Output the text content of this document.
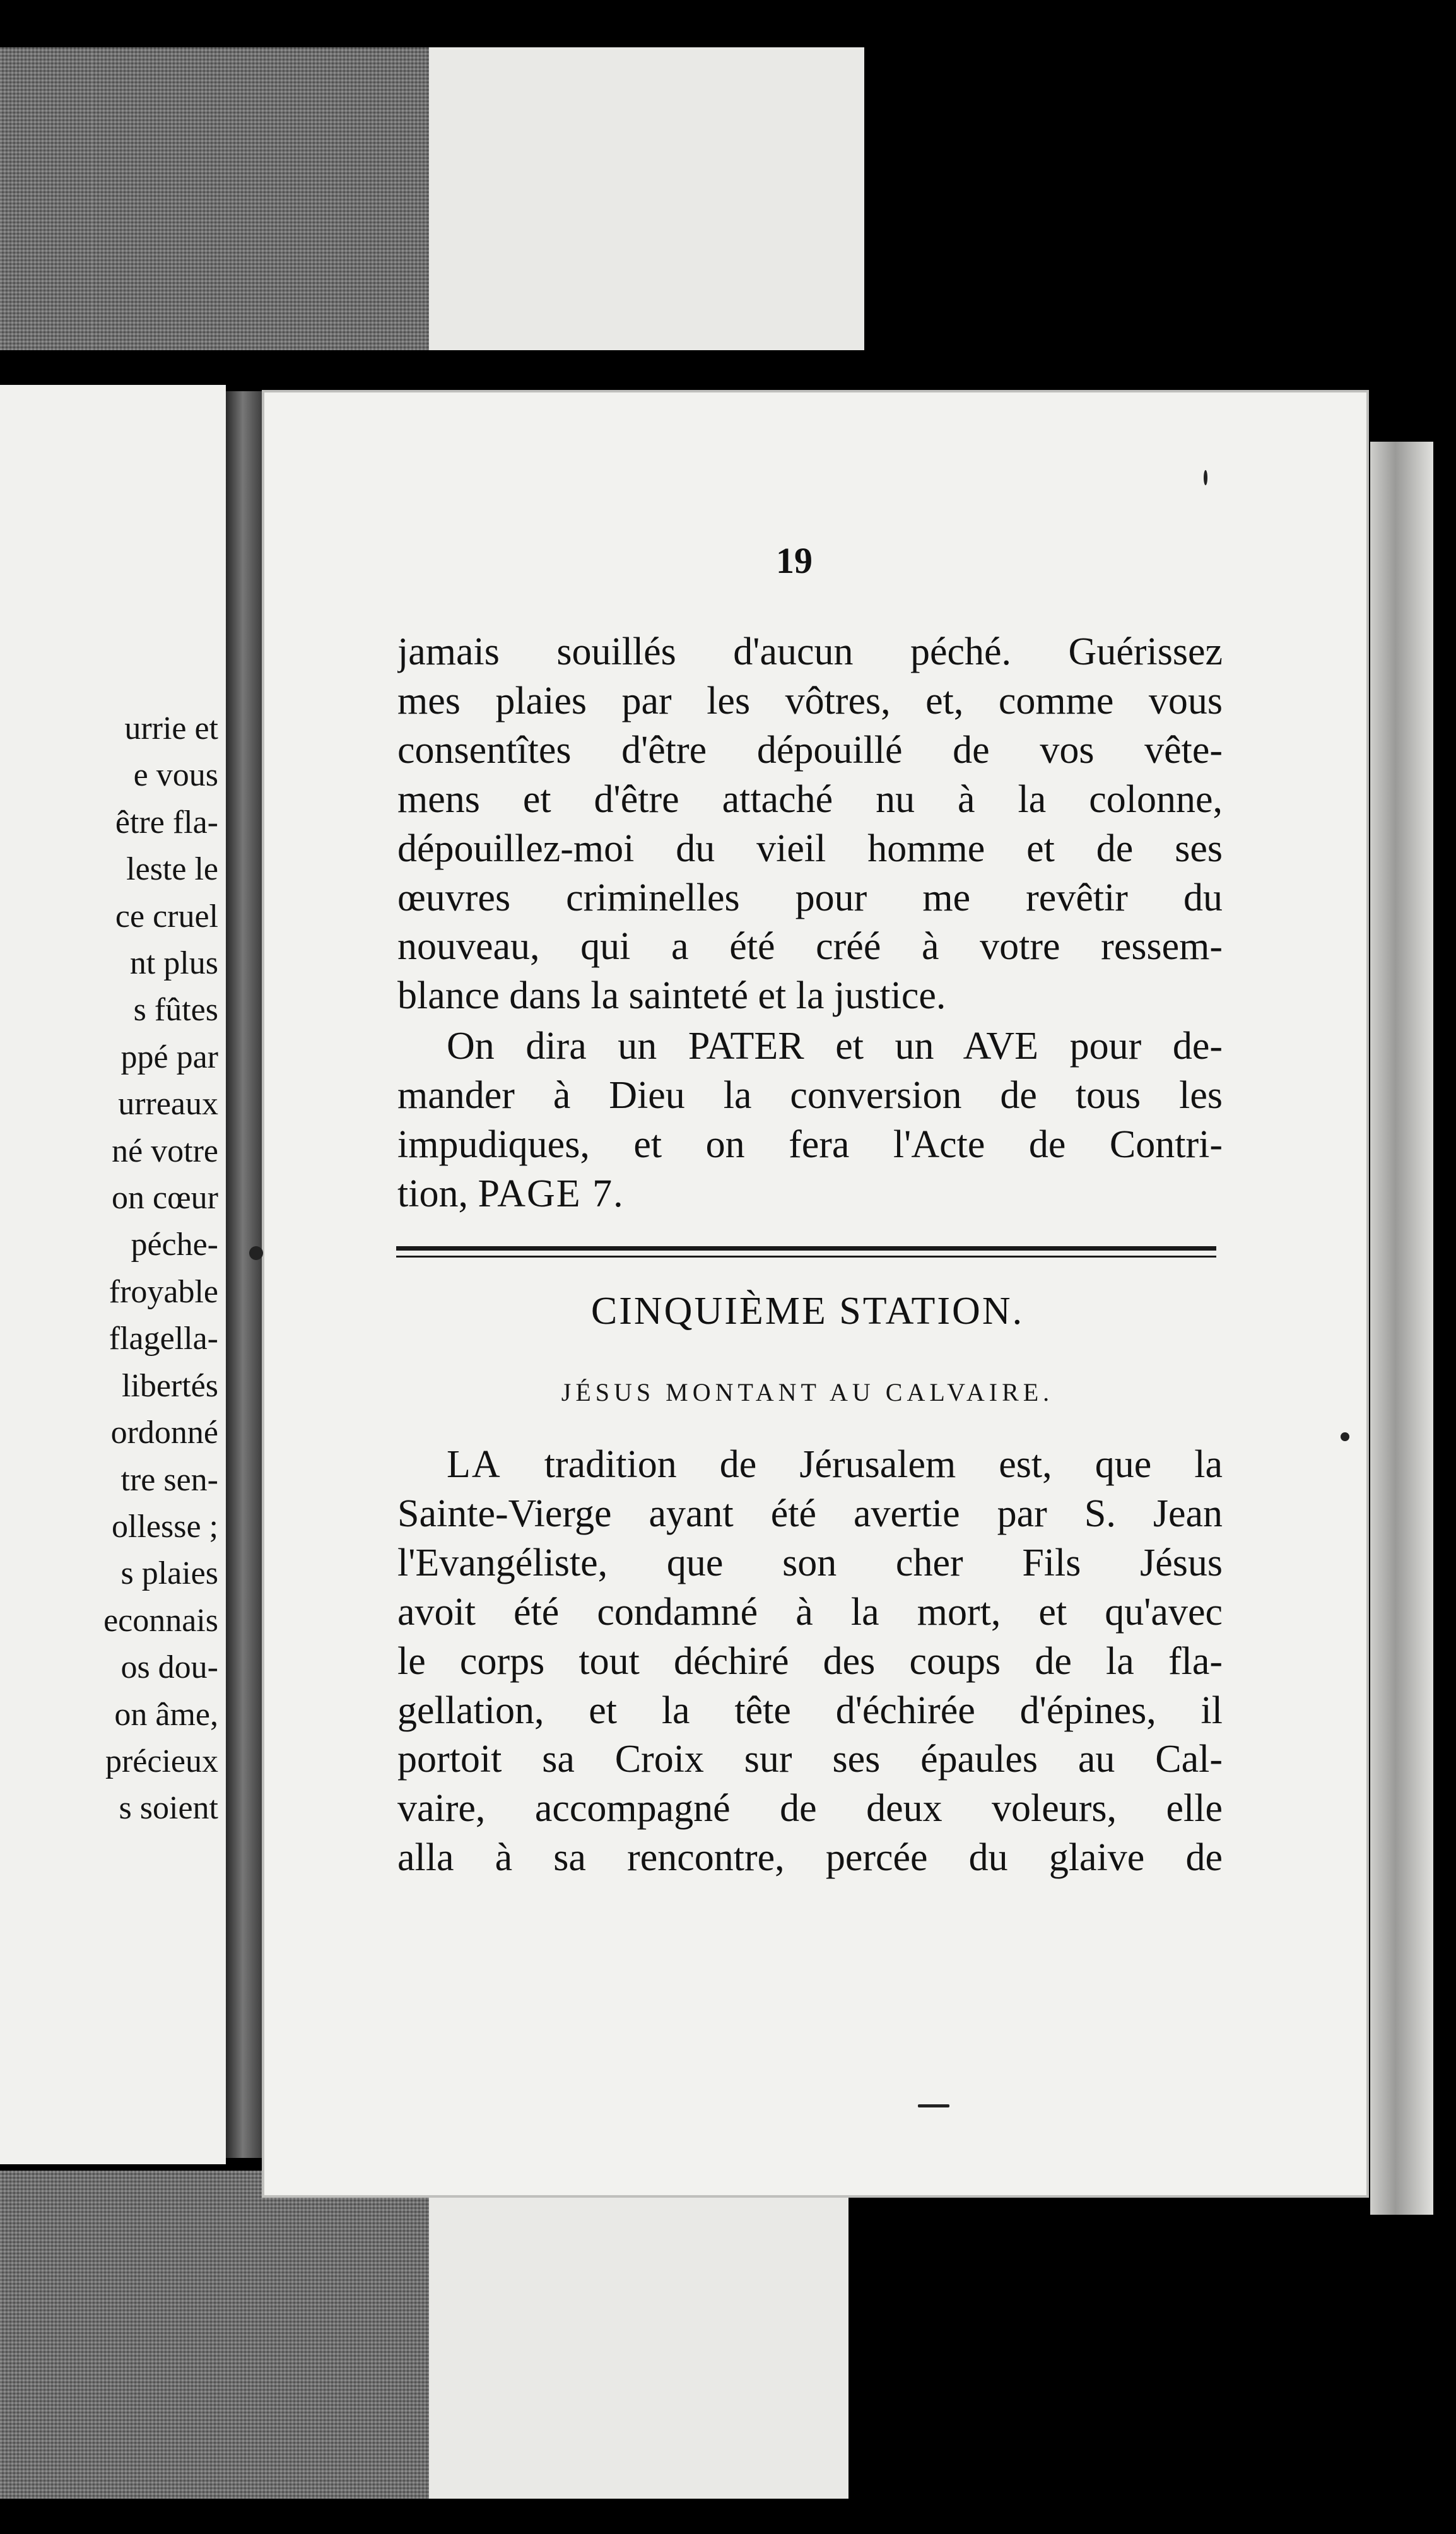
urrie et
e vous
être fla-
leste le
ce cruel
nt plus
s fûtes
ppé par
urreaux
né votre
on cœur
péche-
froyable
flagella-
libertés
ordonné
tre sen-
ollesse ;
s plaies
econnais
os dou-
on âme,
précieux
s soient
19
jamais souillés d'aucun péché. Guérissez
mes plaies par les vôtres, et, comme vous
consentîtes d'être dépouillé de vos vête-
mens et d'être attaché nu à la colonne,
dépouillez-moi du vieil homme et de ses
œuvres criminelles pour me revêtir du
nouveau, qui a été créé à votre ressem-
blance dans la sainteté et la justice.
On dira un PATER et un AVE pour de-
mander à Dieu la conversion de tous les
impudiques, et on fera l'Acte de Contri-
tion, PAGE 7.
CINQUIÈME STATION.
JÉSUS MONTANT AU CALVAIRE.
LA tradition de Jérusalem est, que la
Sainte-Vierge ayant été avertie par S. Jean
l'Evangéliste, que son cher Fils Jésus
avoit été condamné à la mort, et qu'avec
le corps tout déchiré des coups de la fla-
gellation, et la tête d'échirée d'épines, il
portoit sa Croix sur ses épaules au Cal-
vaire, accompagné de deux voleurs, elle
alla à sa rencontre, percée du glaive de
